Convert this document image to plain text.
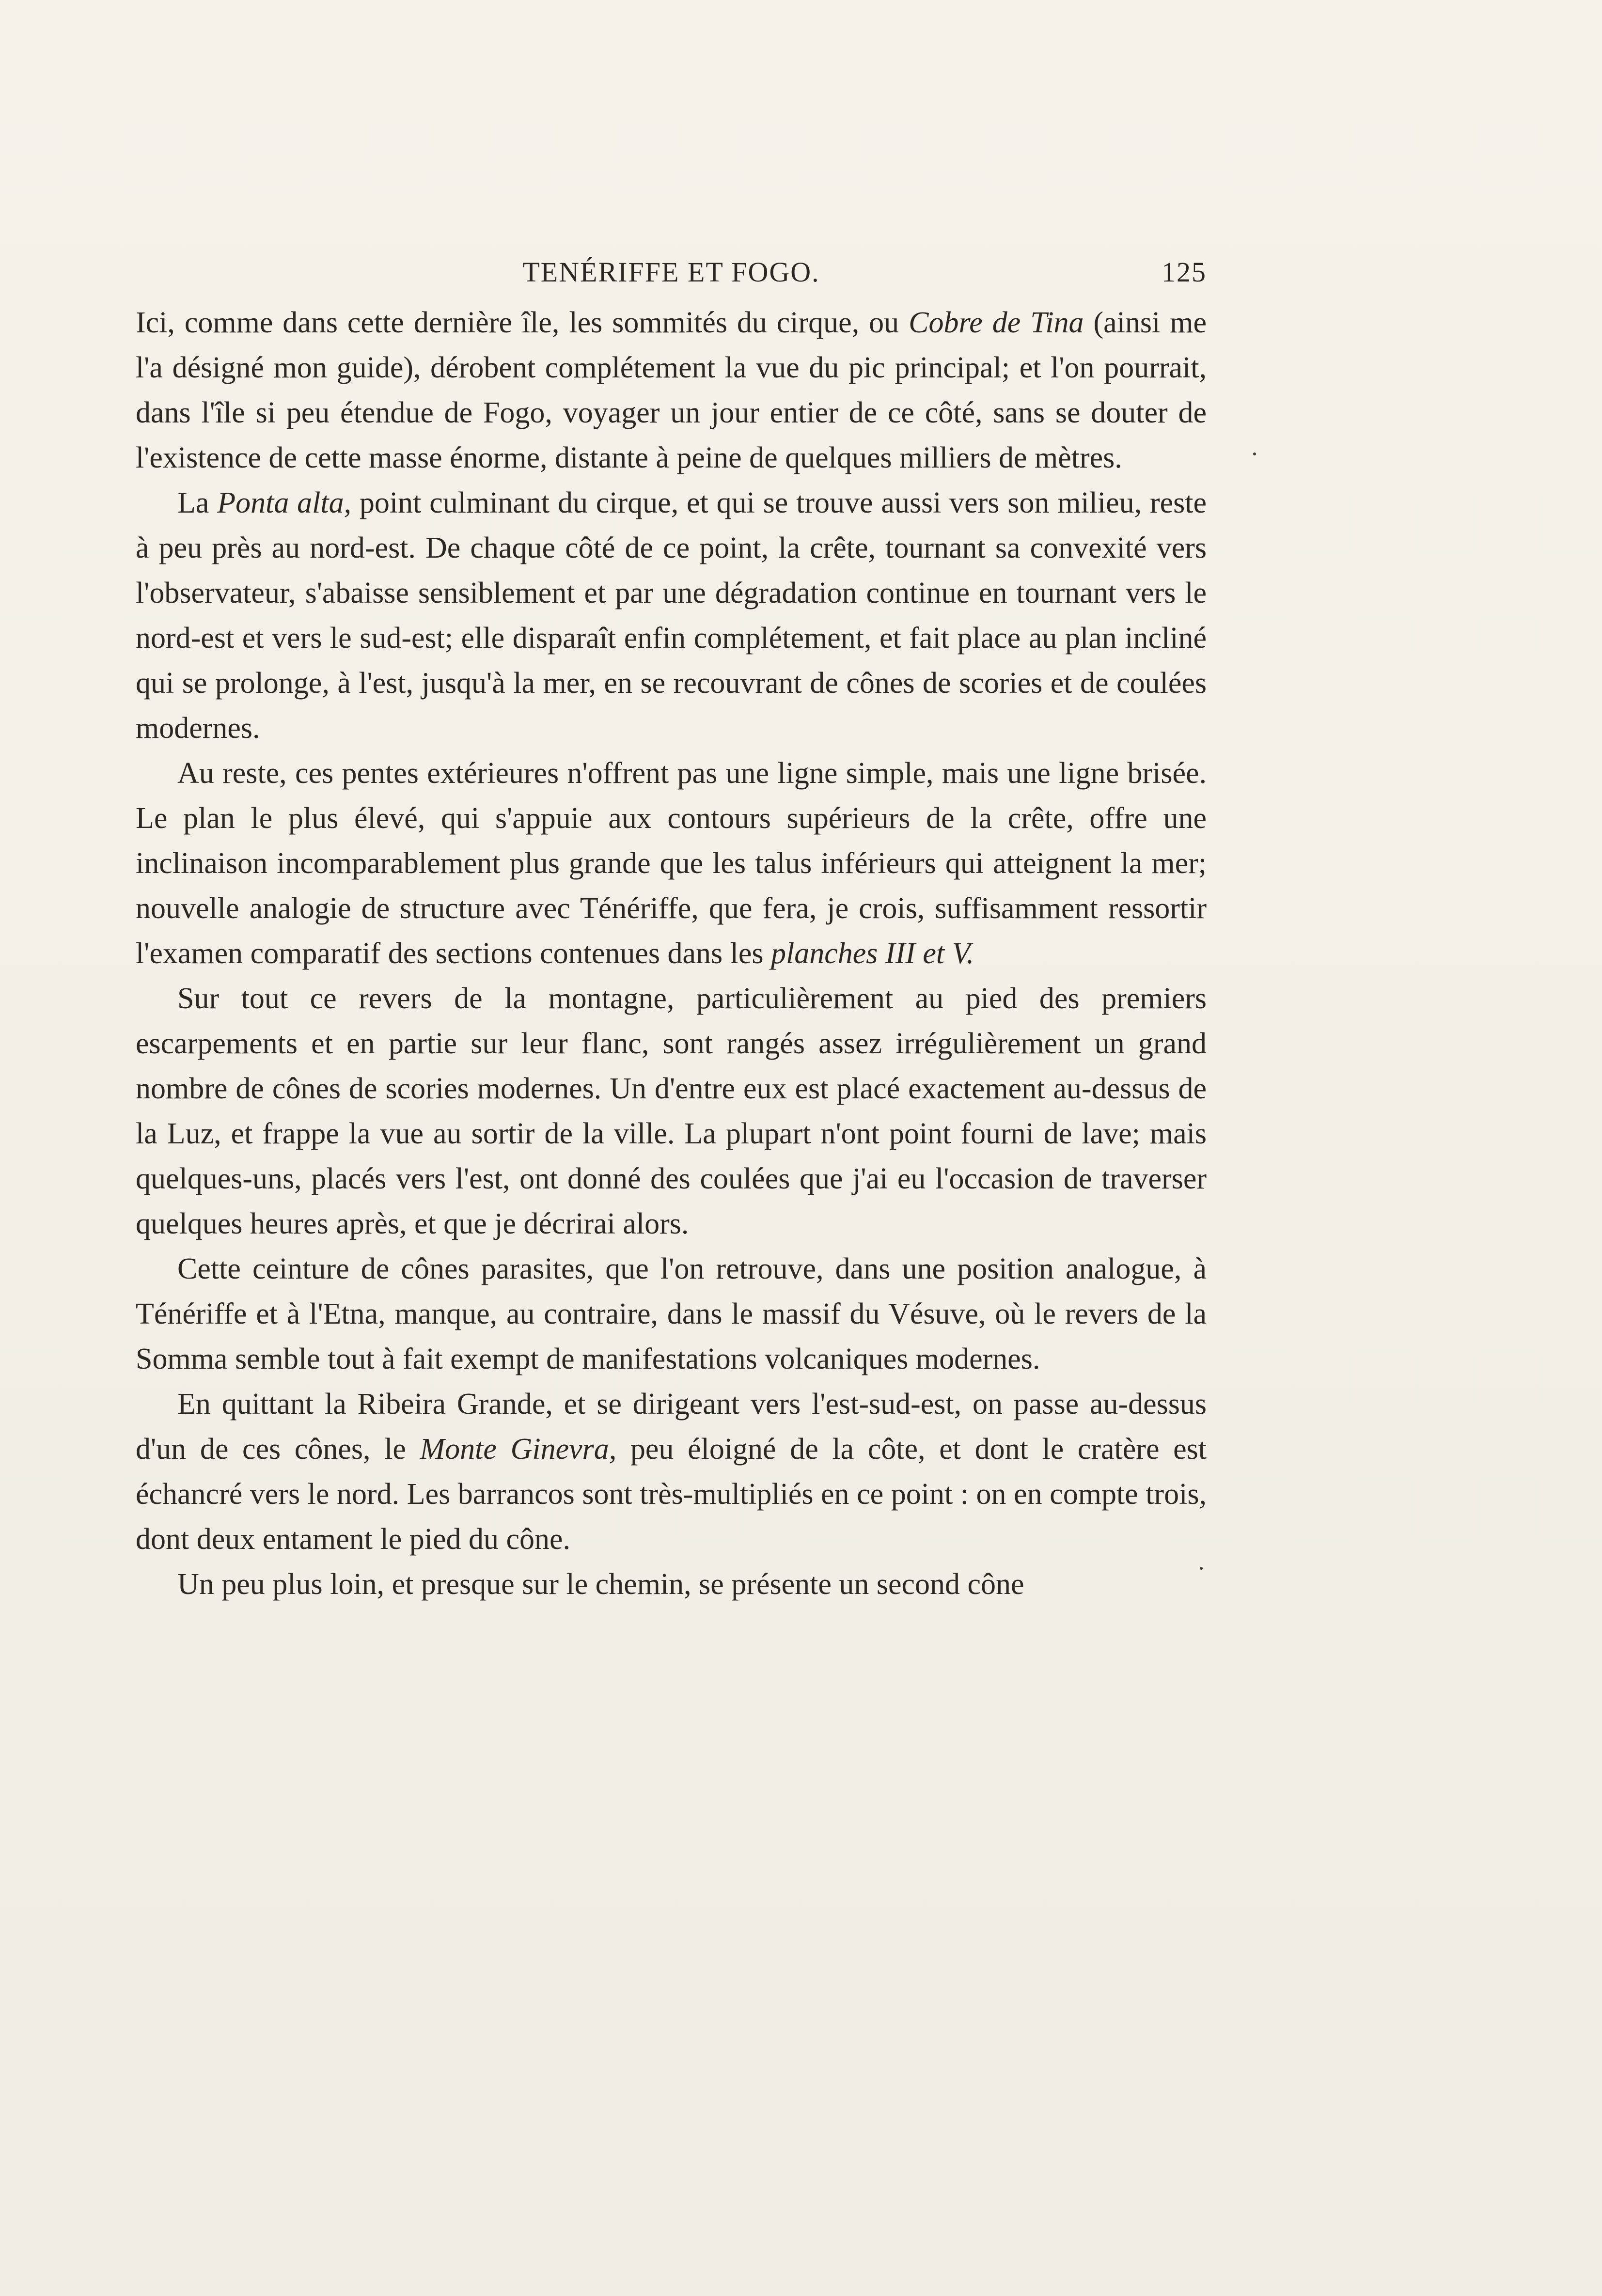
TENÉRIFFE ET FOGO.	125

Ici, comme dans cette dernière île, les sommités du cirque, ou Cobre de Tina (ainsi me l'a désigné mon guide), dérobent complétement la vue du pic principal; et l'on pourrait, dans l'île si peu étendue de Fogo, voyager un jour entier de ce côté, sans se douter de l'existence de cette masse énorme, distante à peine de quelques milliers de mètres.

La Ponta alta, point culminant du cirque, et qui se trouve aussi vers son milieu, reste à peu près au nord-est. De chaque côté de ce point, la crête, tournant sa convexité vers l'observateur, s'abaisse sensiblement et par une dégradation continue en tournant vers le nord-est et vers le sud-est; elle disparaît enfin complétement, et fait place au plan incliné qui se prolonge, à l'est, jusqu'à la mer, en se recouvrant de cônes de scories et de coulées modernes.

Au reste, ces pentes extérieures n'offrent pas une ligne simple, mais une ligne brisée. Le plan le plus élevé, qui s'appuie aux contours supérieurs de la crête, offre une inclinaison incomparablement plus grande que les talus inférieurs qui atteignent la mer; nouvelle analogie de structure avec Ténériffe, que fera, je crois, suffisamment ressortir l'examen comparatif des sections contenues dans les planches III et V.

Sur tout ce revers de la montagne, particulièrement au pied des premiers escarpements et en partie sur leur flanc, sont rangés assez irrégulièrement un grand nombre de cônes de scories modernes. Un d'entre eux est placé exactement au-dessus de la Luz, et frappe la vue au sortir de la ville. La plupart n'ont point fourni de lave; mais quelques-uns, placés vers l'est, ont donné des coulées que j'ai eu l'occasion de traverser quelques heures après, et que je décrirai alors.

Cette ceinture de cônes parasites, que l'on retrouve, dans une position analogue, à Ténériffe et à l'Etna, manque, au contraire, dans le massif du Vésuve, où le revers de la Somma semble tout à fait exempt de manifestations volcaniques modernes.

En quittant la Ribeira Grande, et se dirigeant vers l'est-sud-est, on passe au-dessus d'un de ces cônes, le Monte Ginevra, peu éloigné de la côte, et dont le cratère est échancré vers le nord. Les barrancos sont très-multipliés en ce point : on en compte trois, dont deux entament le pied du cône.

Un peu plus loin, et presque sur le chemin, se présente un second cône
